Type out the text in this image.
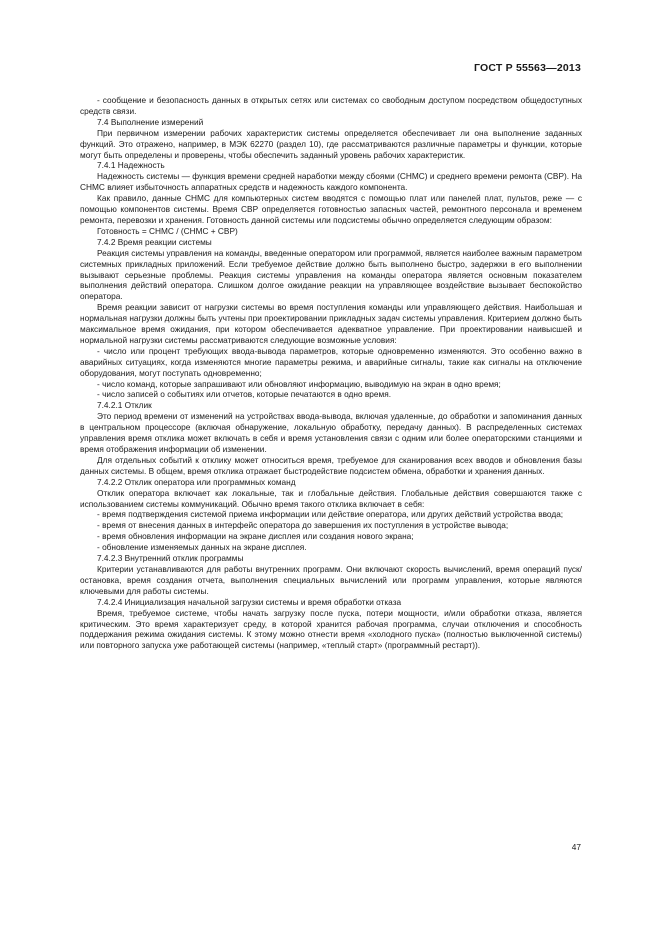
ГОСТ Р 55563—2013

- сообщение и безопасность данных в открытых сетях или системах со свободным доступом посредством общедоступных средств связи.

7.4 Выполнение измерений

При первичном измерении рабочих характеристик системы определяется обеспечивает ли она выполнение заданных функций. Это отражено, например, в МЭК 62270 (раздел 10), где рассматриваются различные параметры и функции, которые могут быть определены и проверены, чтобы обеспечить заданный уровень рабочих характеристик.

7.4.1 Надежность

Надежность системы — функция времени средней наработки между сбоями (СНМС) и среднего времени ремонта (СВР). На СНМС влияет избыточность аппаратных средств и надежность каждого компонента.

Как правило, данные СНМС для компьютерных систем вводятся с помощью плат или панелей плат, пультов, реже — с помощью компонентов системы. Время СВР определяется готовностью запасных частей, ремонтного персонала и временем ремонта, перевозки и хранения. Готовность данной системы или подсистемы обычно определяется следующим образом:

Готовность = СНМС / (СНМС + СВР)

7.4.2 Время реакции системы

Реакция системы управления на команды, введенные оператором или программой, является наиболее важным параметром системных прикладных приложений. Если требуемое действие должно быть выполнено быстро, задержки в его выполнении вызывают серьезные проблемы. Реакция системы управления на команды оператора является основным показателем выполнения действий оператора. Слишком долгое ожидание реакции на управляющее воздействие вызывает беспокойство оператора.

Время реакции зависит от нагрузки системы во время поступления команды или управляющего действия. Наибольшая и нормальная нагрузки должны быть учтены при проектировании прикладных задач системы управления. Критерием должно быть максимальное время ожидания, при котором обеспечивается адекватное управление. При проектировании наивысшей и нормальной нагрузки системы рассматриваются следующие возможные условия:

- число или процент требующих ввода-вывода параметров, которые одновременно изменяются. Это особенно важно в аварийных ситуациях, когда изменяются многие параметры режима, и аварийные сигналы, такие как сигналы на отключение оборудования, могут поступать одновременно;

- число команд, которые запрашивают или обновляют информацию, выводимую на экран в одно время;

- число записей о событиях или отчетов, которые печатаются в одно время.

7.4.2.1 Отклик

Это период времени от изменений на устройствах ввода-вывода, включая удаленные, до обработки и запоминания данных в центральном процессоре (включая обнаружение, локальную обработку, передачу данных). В распределенных системах управления время отклика может включать в себя и время установления связи с одним или более операторскими станциями и время отображения информации об изменении.

Для отдельных событий к отклику может относиться время, требуемое для сканирования всех вводов и обновления базы данных системы. В общем, время отклика отражает быстродействие подсистем обмена, обработки и хранения данных.

7.4.2.2 Отклик оператора или программных команд

Отклик оператора включает как локальные, так и глобальные действия. Глобальные действия совершаются также с использованием системы коммуникаций. Обычно время такого отклика включает в себя:

- время подтверждения системой приема информации или действие оператора, или других действий устройства ввода;

- время от внесения данных в интерфейс оператора до завершения их поступления в устройстве вывода;

- время обновления информации на экране дисплея или создания нового экрана;

- обновление изменяемых данных на экране дисплея.

7.4.2.3 Внутренний отклик программы

Критерии устанавливаются для работы внутренних программ. Они включают скорость вычислений, время операций пуск/остановка, время создания отчета, выполнения специальных вычислений или программ управления, которые являются ключевыми для работы системы.

7.4.2.4 Инициализация начальной загрузки системы и время обработки отказа

Время, требуемое системе, чтобы начать загрузку после пуска, потери мощности, и/или обработки отказа, является критическим. Это время характеризует среду, в которой хранится рабочая программа, случаи отключения и способность поддержания режима ожидания системы. К этому можно отнести время «холодного пуска» (полностью выключенной системы) или повторного запуска уже работающей системы (например, «теплый старт» (программный рестарт)).

47
